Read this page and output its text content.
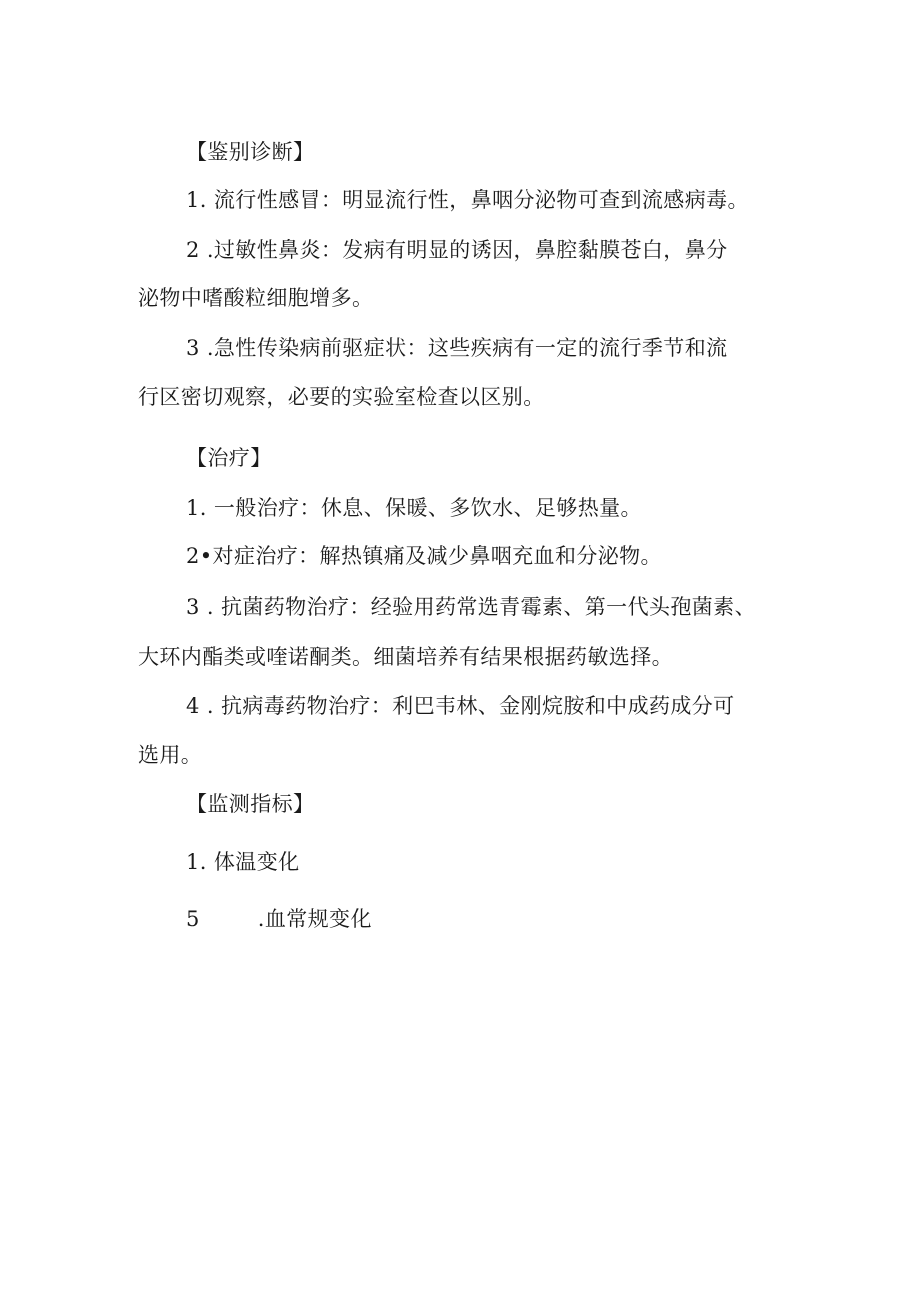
【鉴别诊断】
1. 流行性感冒：明显流行性，鼻咽分泌物可查到流感病毒。
2 .过敏性鼻炎：发病有明显的诱因，鼻腔黏膜苍白，鼻分
泌物中嗜酸粒细胞增多。
3 .急性传染病前驱症状：这些疾病有一定的流行季节和流
行区密切观察，必要的实验室检查以区别。
【治疗】
1. 一般治疗：休息、保暖、多饮水、足够热量。
2•对症治疗：解热镇痛及减少鼻咽充血和分泌物。
3 . 抗菌药物治疗：经验用药常选青霉素、第一代头孢菌素、
大环内酯类或喹诺酮类。细菌培养有结果根据药敏选择。
4 . 抗病毒药物治疗：利巴韦林、金刚烷胺和中成药成分可
选用。
【监测指标】
1. 体温变化
5	.血常规变化
